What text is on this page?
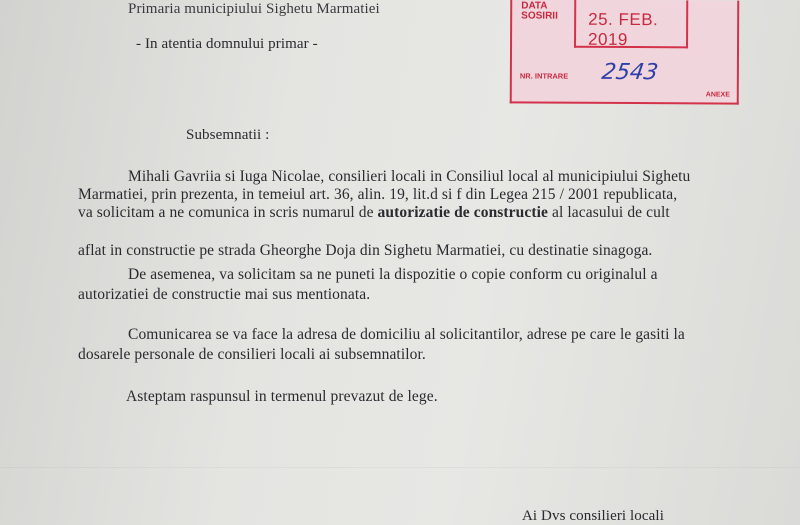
Primaria municipiului Sighetu Marmatiei
- In atentia domnului primar -
DATA SOSIRII	25. FEB. 2019
NR. INTRARE 2543
ANEXE
Subsemnatii :
Mihali Gavriia si Iuga Nicolae, consilieri locali in Consiliul local al municipiului Sighetu
Marmatiei, prin prezenta, in temeiul art. 36, alin. 19, lit.d si f din Legea 215 / 2001 republicata,
va solicitam a ne comunica in scris numarul de autorizatie de constructie al lacasului de cult
aflat in constructie pe strada Gheorghe Doja din Sighetu Marmatiei, cu destinatie sinagoga.
De asemenea, va solicitam sa ne puneti la dispozitie o copie conform cu originalul a
autorizatiei de constructie mai sus mentionata.
Comunicarea se va face la adresa de domiciliu al solicitantilor, adrese pe care le gasiti la
dosarele personale de consilieri locali ai subsemnatilor.
Asteptam raspunsul in termenul prevazut de lege.
Ai Dvs consilieri locali
